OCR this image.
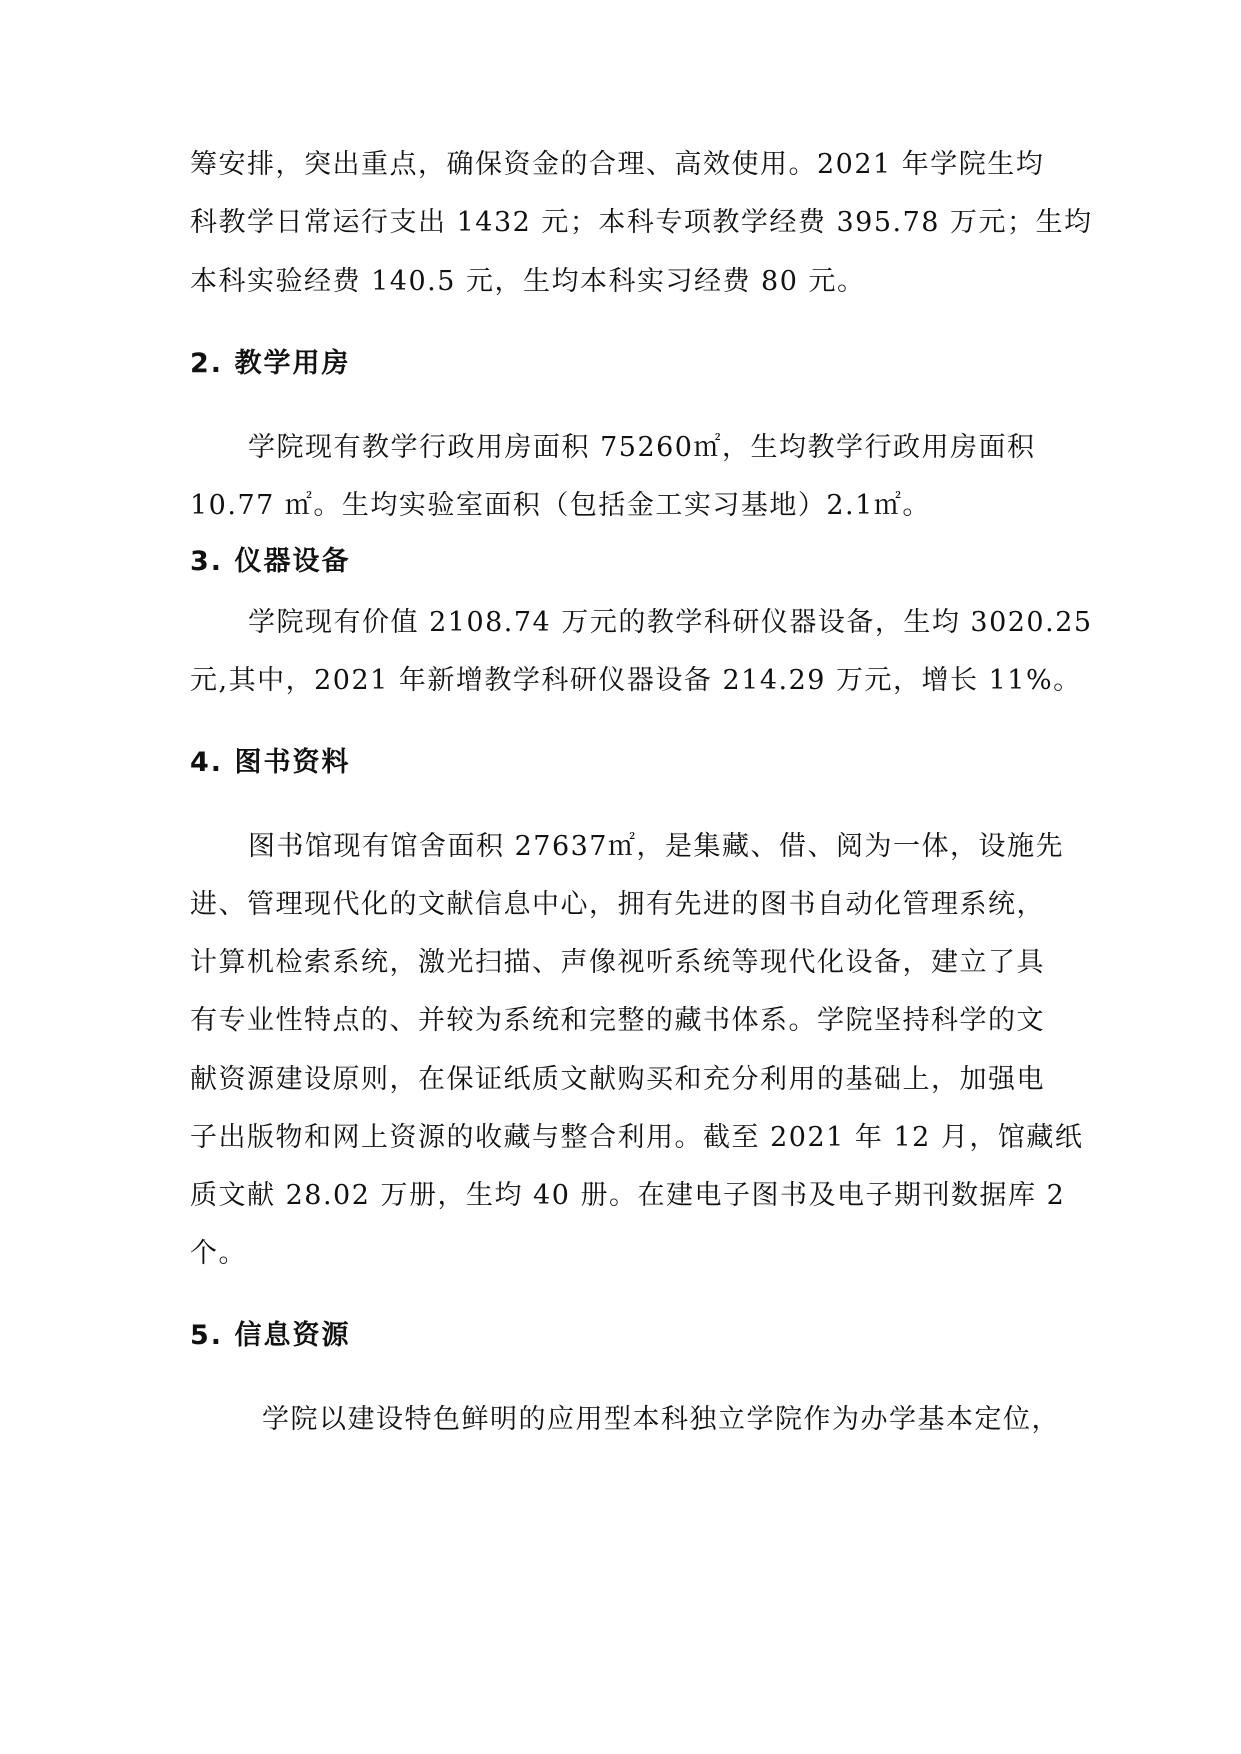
筹安排，突出重点，确保资金的合理、高效使用。2021 年学院生均
科教学日常运行支出 1432 元；本科专项教学经费 395.78 万元；生均
本科实验经费 140.5 元，生均本科实习经费 80 元。
2. 教学用房
学院现有教学行政用房面积 75260㎡，生均教学行政用房面积
10.77 ㎡。生均实验室面积（包括金工实习基地）2.1㎡。
3. 仪器设备
学院现有价值 2108.74 万元的教学科研仪器设备，生均 3020.25
元,其中，2021 年新增教学科研仪器设备 214.29 万元，增长 11%。
4. 图书资料
图书馆现有馆舍面积 27637㎡，是集藏、借、阅为一体，设施先
进、管理现代化的文献信息中心，拥有先进的图书自动化管理系统，
计算机检索系统，激光扫描、声像视听系统等现代化设备，建立了具
有专业性特点的、并较为系统和完整的藏书体系。学院坚持科学的文
献资源建设原则，在保证纸质文献购买和充分利用的基础上，加强电
子出版物和网上资源的收藏与整合利用。截至 2021 年 12 月，馆藏纸
质文献 28.02 万册，生均 40 册。在建电子图书及电子期刊数据库 2
个。
5. 信息资源
学院以建设特色鲜明的应用型本科独立学院作为办学基本定位，
